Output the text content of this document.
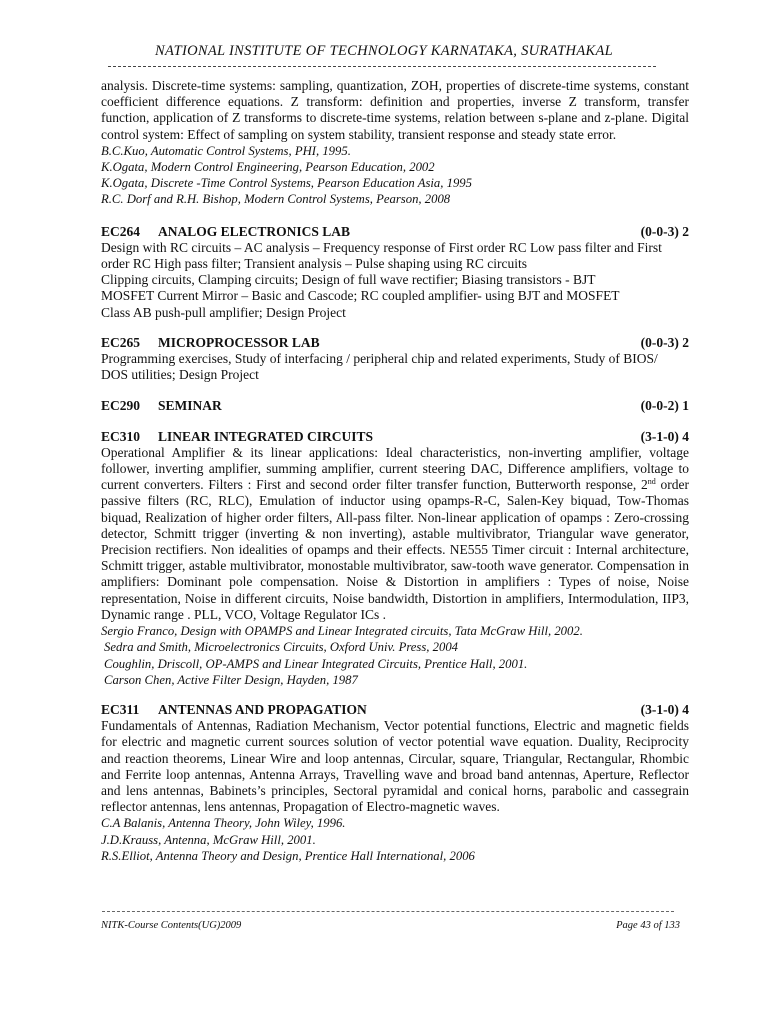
NATIONAL INSTITUTE OF TECHNOLOGY KARNATAKA, SURATHAKAL

analysis. Discrete-time systems: sampling, quantization, ZOH, properties of discrete-time systems, constant coefficient difference equations. Z transform: definition and properties, inverse Z transform, transfer function, application of Z transforms to discrete-time systems, relation between s-plane and z-plane. Digital control system: Effect of sampling on system stability, transient response and steady state error.

B.C.Kuo, Automatic Control Systems, PHI, 1995.

K.Ogata, Modern Control Engineering, Pearson Education, 2002

K.Ogata, Discrete -Time Control Systems, Pearson Education Asia, 1995

R.C. Dorf and R.H. Bishop, Modern Control Systems, Pearson, 2008

EC264 ANALOG ELECTRONICS LAB	(0-0-3) 2

Design with RC circuits – AC analysis – Frequency response of First order RC Low pass filter and First

order RC High pass filter; Transient analysis – Pulse shaping using RC circuits

Clipping circuits, Clamping circuits; Design of full wave rectifier; Biasing transistors - BJT

MOSFET Current Mirror – Basic and Cascode; RC coupled amplifier- using BJT and MOSFET

Class AB push-pull amplifier; Design Project

EC265 MICROPROCESSOR LAB	(0-0-3) 2

Programming exercises, Study of interfacing / peripheral chip and related experiments, Study of BIOS/

DOS utilities; Design Project

EC290 SEMINAR	(0-0-2) 1
EC310 LINEAR INTEGRATED CIRCUITS	(3-1-0) 4

Operational Amplifier & its linear applications: Ideal characteristics, non-inverting amplifier, voltage follower, inverting amplifier, summing amplifier, current steering DAC, Difference amplifiers, voltage to current converters. Filters : First and second order filter transfer function, Butterworth response, 2nd order passive filters (RC, RLC), Emulation of inductor using opamps-R-C, Salen-Key biquad, Tow-Thomas biquad, Realization of higher order filters, All-pass filter. Non-linear application of opamps : Zero-crossing detector, Schmitt trigger (inverting & non inverting), astable multivibrator, Triangular wave generator, Precision rectifiers. Non idealities of opamps and their effects. NE555 Timer circuit : Internal architecture, Schmitt trigger, astable multivibrator, monostable multivibrator, saw-tooth wave generator. Compensation in amplifiers: Dominant pole compensation. Noise & Distortion in amplifiers : Types of noise, Noise representation, Noise in different circuits, Noise bandwidth, Distortion in amplifiers, Intermodulation, IIP3, Dynamic range . PLL, VCO, Voltage Regulator ICs .

Sergio Franco, Design with OPAMPS and Linear Integrated circuits, Tata McGraw Hill, 2002.

Sedra and Smith, Microelectronics Circuits, Oxford Univ. Press, 2004

Coughlin, Driscoll, OP-AMPS and Linear Integrated Circuits, Prentice Hall, 2001.

Carson Chen, Active Filter Design, Hayden, 1987

EC311 ANTENNAS AND PROPAGATION	(3-1-0) 4

Fundamentals of Antennas, Radiation Mechanism, Vector potential functions, Electric and magnetic fields for electric and magnetic current sources solution of vector potential wave equation. Duality, Reciprocity and reaction theorems, Linear Wire and loop antennas, Circular, square, Triangular, Rectangular, Rhombic and Ferrite loop antennas, Antenna Arrays, Travelling wave and broad band antennas, Aperture, Reflector and lens antennas, Babinets’s principles, Sectoral pyramidal and conical horns, parabolic and cassegrain reflector antennas, lens antennas, Propagation of Electro-magnetic waves.

C.A Balanis, Antenna Theory, John Wiley, 1996.

J.D.Krauss, Antenna, McGraw Hill, 2001.

R.S.Elliot, Antenna Theory and Design, Prentice Hall International, 2006

NITK-Course Contents(UG)2009	Page 43 of 133
